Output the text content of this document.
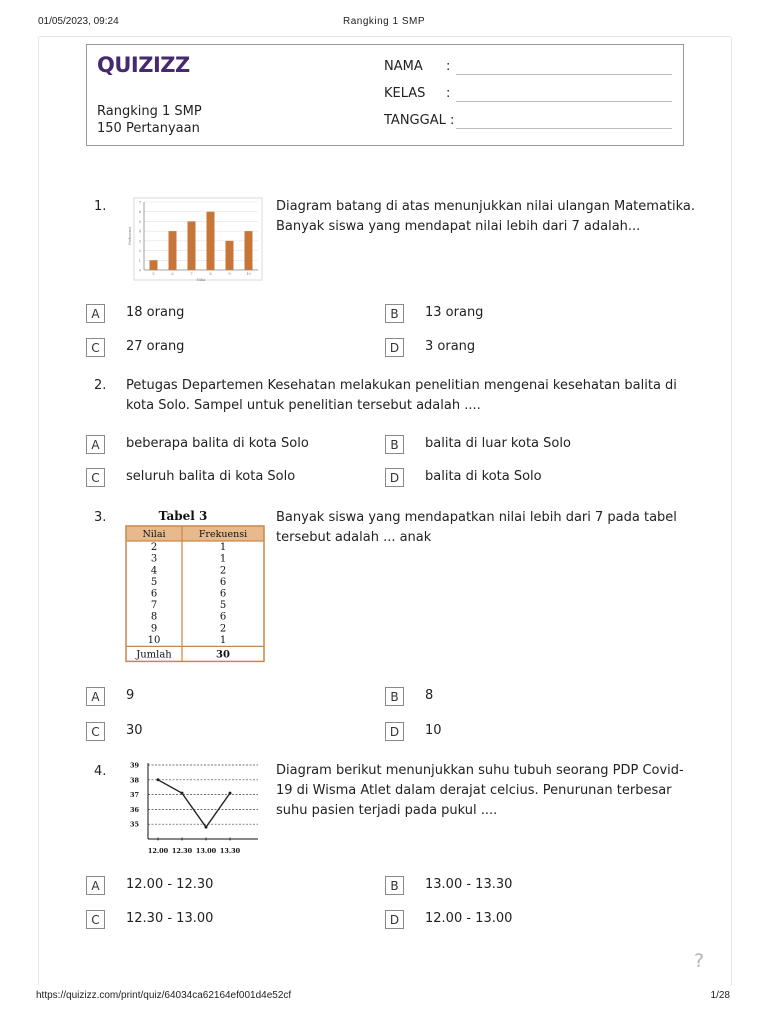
01/05/2023, 09:24	Rangking 1 SMP
QUIZIZZ
Rangking 1 SMP
150 Pertanyaan
NAMA :
KELAS :
TANGGAL :
1.
0
1
2
3
4
5
6
7
5	6	7	8	9	10
Nilai
Frekuensi
Diagram batang di atas menunjukkan nilai ulangan Matematika. Banyak siswa yang mendapat nilai lebih dari 7 adalah...
A	18 orang	B	13 orang
C	27 orang	D	3 orang
2. Petugas Departemen Kesehatan melakukan penelitian mengenai kesehatan balita di kota Solo. Sampel untuk penelitian tersebut adalah ....
A	beberapa balita di kota Solo	B	balita di luar kota Solo
C	seluruh balita di kota Solo	D	balita di kota Solo
3.	Tabel 3
Nilai	Frekuensi
2	1
3	1
4	2
5	6
6	6
7	5
8	6
9	2
10	1
Jumlah	30
Banyak siswa yang mendapatkan nilai lebih dari 7 pada tabel tersebut adalah ... anak
A	9	B	8
C	30	D	10
4.	39
38
37
36
35
12.00 12.30 13.00 13.30
Diagram berikut menunjukkan suhu tubuh seorang PDP Covid-19 di Wisma Atlet dalam derajat celcius. Penurunan terbesar suhu pasien terjadi pada pukul ....
A	12.00 - 12.30	B	13.00 - 13.30
C	12.30 - 13.00	D	12.00 - 13.00
?
https://quizizz.com/print/quiz/64034ca62164ef001d4e52cf	1/28
